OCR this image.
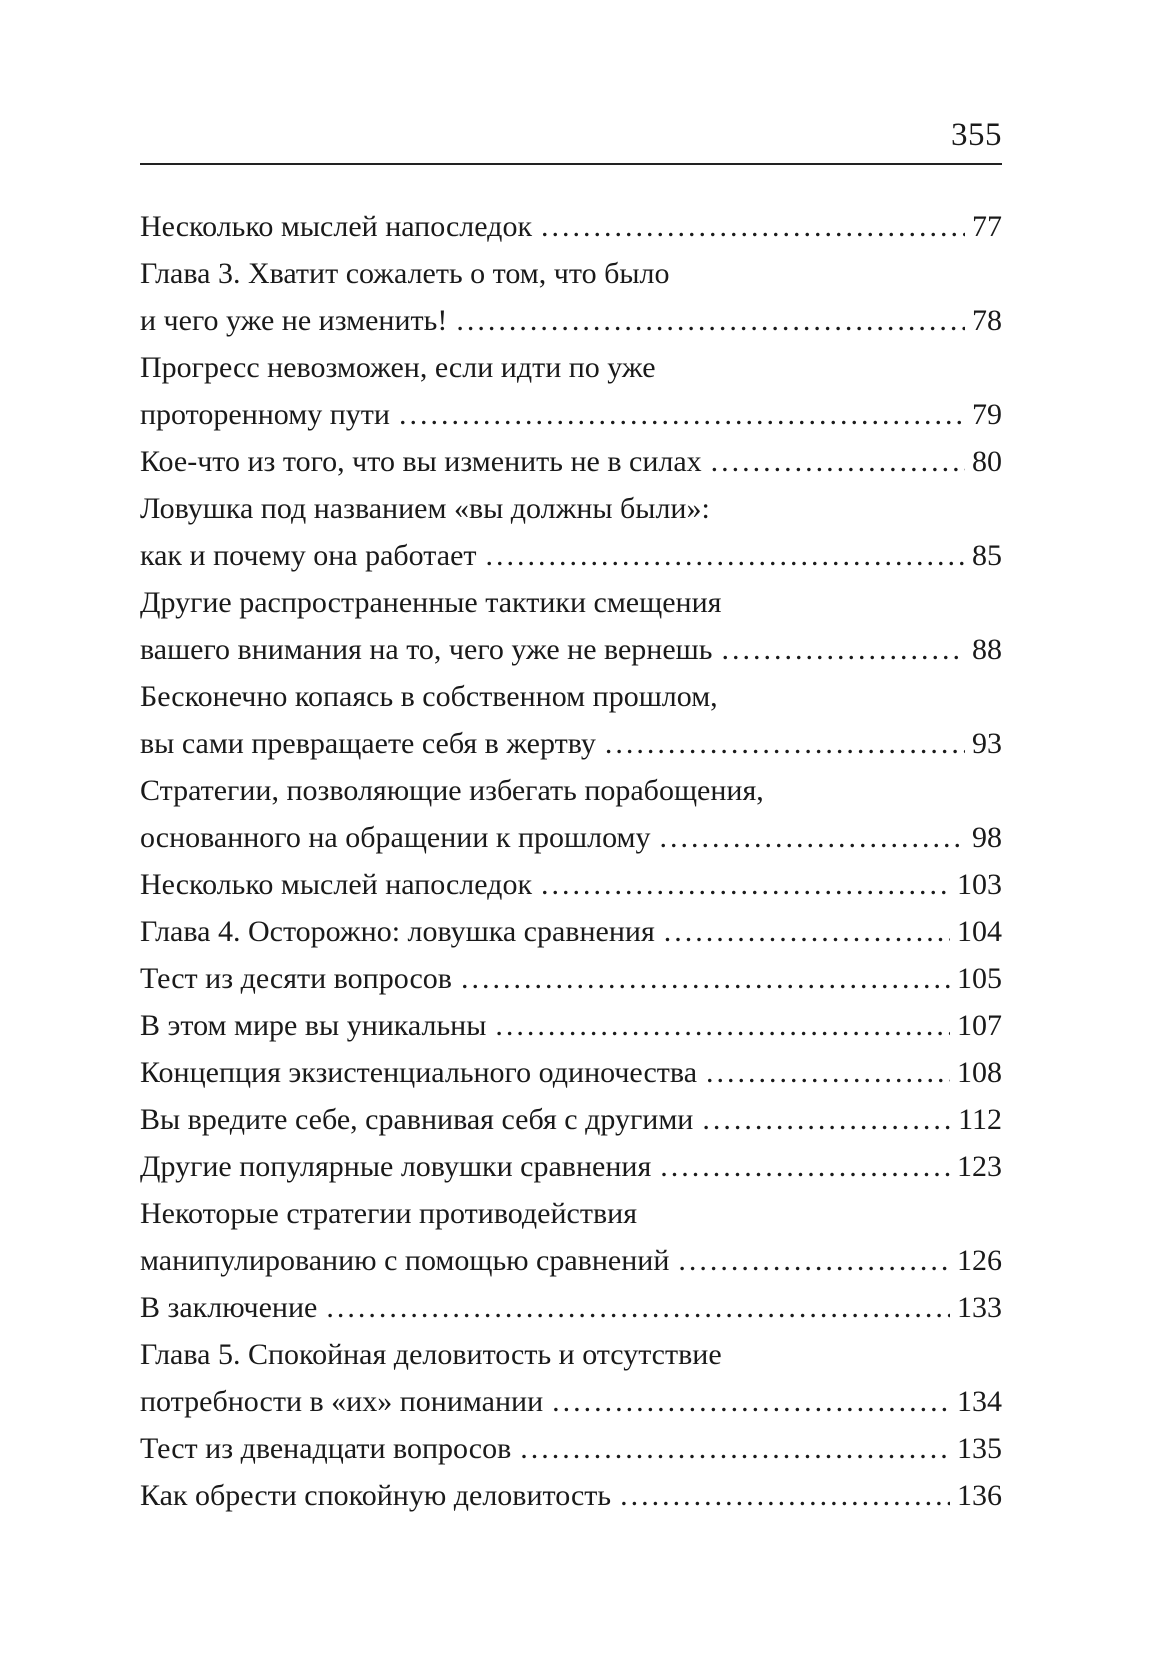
355
Несколько мыслей напоследок .....	77
Глава 3. Хватит сожалеть о том, что было
и чего уже не изменить! .....	78
Прогресс невозможен, если идти по уже
проторенному пути .....	79
Кое-что из того, что вы изменить не в силах .....	80
Ловушка под названием «вы должны были»:
как и почему она работает .....	85
Другие распространенные тактики смещения
вашего внимания на то, чего уже не вернешь .....	88
Бесконечно копаясь в собственном прошлом,
вы сами превращаете себя в жертву .....	93
Стратегии, позволяющие избегать порабощения,
основанного на обращении к прошлому .....	98
Несколько мыслей напоследок .....	103
Глава 4. Осторожно: ловушка сравнения .....	104
Тест из десяти вопросов .....	105
В этом мире вы уникальны .....	107
Концепция экзистенциального одиночества .....	108
Вы вредите себе, сравнивая себя с другими .....	112
Другие популярные ловушки сравнения .....	123
Некоторые стратегии противодействия
манипулированию с помощью сравнений .....	126
В заключение .....	133
Глава 5. Спокойная деловитость и отсутствие
потребности в «их» понимании .....	134
Тест из двенадцати вопросов .....	135
Как обрести спокойную деловитость .....	136
